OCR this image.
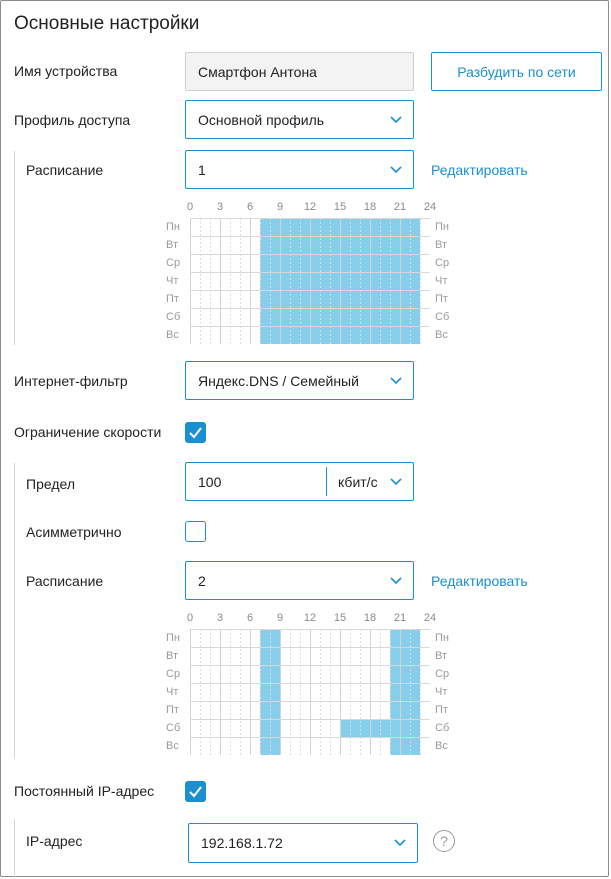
Основные настройки
Имя устройства	Смартфон Антона	Разбудить по сети
Профиль доступа	Основной профиль
Расписание	1	Редактировать
0 3 6 9 12 15 18 21 24
Пн
Вт
Ср
Чт
Пт
Сб
Вс
Пн
Вт
Ср
Чт
Пт
Сб
Вс
Интернет-фильтр	Яндекс.DNS / Семейный
Ограничение скорости
Предел	100	кбит/с
Асимметрично
Расписание	2	Редактировать
0 3 6 9 12 15 18 21 24
Пн
Вт
Ср
Чт
Пт
Сб
Вс
Пн
Вт
Ср
Чт
Пт
Сб
Вс
Постоянный IP-адрес
IP-адрес	192.168.1.72	?
